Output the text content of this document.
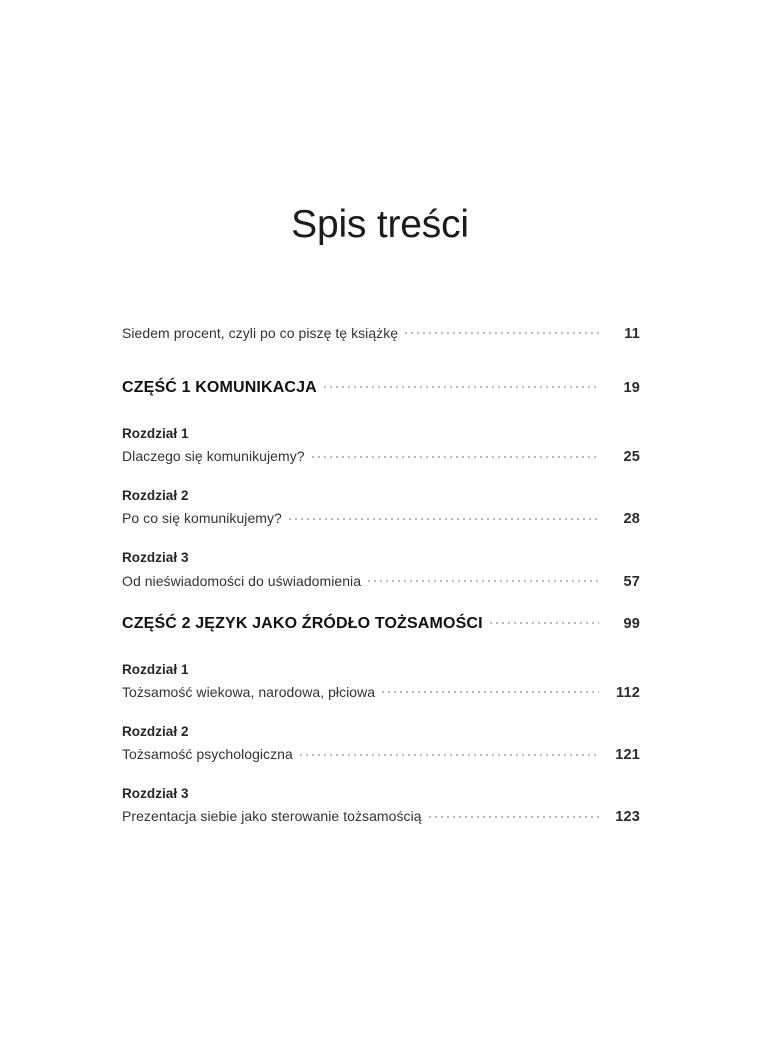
Spis treści
Siedem procent, czyli po co piszę tę książkę	11
CZĘŚĆ 1 KOMUNIKACJA	19
Rozdział 1
Dlaczego się komunikujemy?	25
Rozdział 2
Po co się komunikujemy?	28
Rozdział 3
Od nieświadomości do uświadomienia	57
CZĘŚĆ 2 JĘZYK JAKO ŹRÓDŁO TOŻSAMOŚCI	99
Rozdział 1
Tożsamość wiekowa, narodowa, płciowa	112
Rozdział 2
Tożsamość psychologiczna	121
Rozdział 3
Prezentacja siebie jako sterowanie tożsamością	123
